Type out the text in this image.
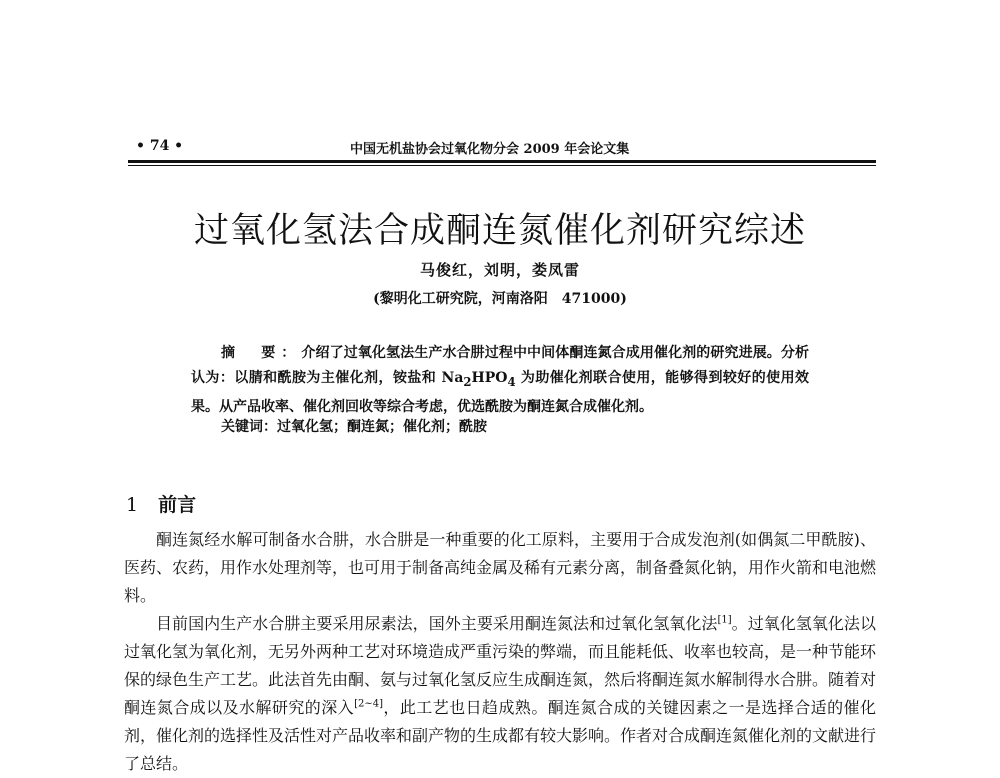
• 74 •	中国无机盐协会过氧化物分会 2009 年会论文集
过氧化氢法合成酮连氮催化剂研究综述
马俊红，刘明，娄凤雷
(黎明化工研究院，河南洛阳　471000)
摘　要：介绍了过氧化氢法生产水合肼过程中中间体酮连氮合成用催化剂的研究进展。分析认为：以腈和酰胺为主催化剂，铵盐和 $Na_2HPO_4$ 为助催化剂联合使用，能够得到较好的使用效果。从产品收率、催化剂回收等综合考虑，优选酰胺为酮连氮合成催化剂。
关键词：过氧化氢；酮连氮；催化剂；酰胺
1 前言

酮连氮经水解可制备水合肼，水合肼是一种重要的化工原料，主要用于合成发泡剂(如偶氮二甲酰胺)、医药、农药，用作水处理剂等，也可用于制备高纯金属及稀有元素分离，制备叠氮化钠，用作火箭和电池燃料。

目前国内生产水合肼主要采用尿素法，国外主要采用酮连氮法和过氧化氢氧化法[1]。过氧化氢氧化法以过氧化氢为氧化剂，无另外两种工艺对环境造成严重污染的弊端，而且能耗低、收率也较高，是一种节能环保的绿色生产工艺。此法首先由酮、氨与过氧化氢反应生成酮连氮，然后将酮连氮水解制得水合肼。随着对酮连氮合成以及水解研究的深入[2~4]，此工艺也日趋成熟。酮连氮合成的关键因素之一是选择合适的催化剂，催化剂的选择性及活性对产品收率和副产物的生成都有较大影响。作者对合成酮连氮催化剂的文献进行了总结。
